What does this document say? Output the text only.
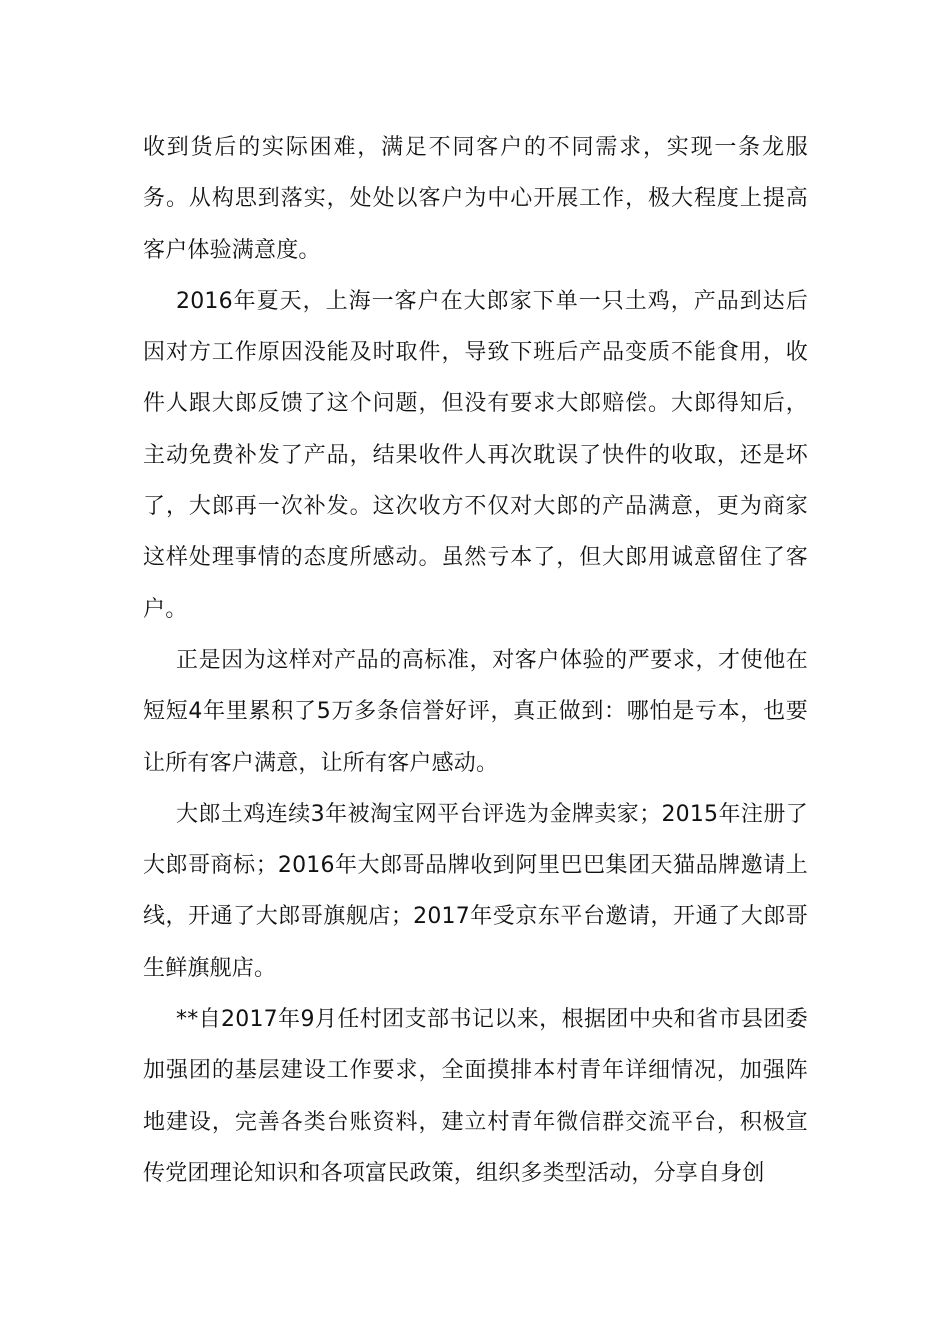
收到货后的实际困难，满足不同客户的不同需求，实现一条龙服务。从构思到落实，处处以客户为中心开展工作，极大程度上提高客户体验满意度。

2016年夏天，上海一客户在大郎家下单一只土鸡，产品到达后因对方工作原因没能及时取件，导致下班后产品变质不能食用，收件人跟大郎反馈了这个问题，但没有要求大郎赔偿。大郎得知后，主动免费补发了产品，结果收件人再次耽误了快件的收取，还是坏了，大郎再一次补发。这次收方不仅对大郎的产品满意，更为商家这样处理事情的态度所感动。虽然亏本了，但大郎用诚意留住了客户。

正是因为这样对产品的高标准，对客户体验的严要求，才使他在短短4年里累积了5万多条信誉好评，真正做到：哪怕是亏本，也要让所有客户满意，让所有客户感动。

大郎土鸡连续3年被淘宝网平台评选为金牌卖家；2015年注册了大郎哥商标；2016年大郎哥品牌收到阿里巴巴集团天猫品牌邀请上线，开通了大郎哥旗舰店；2017年受京东平台邀请，开通了大郎哥生鲜旗舰店。

**自2017年9月任村团支部书记以来，根据团中央和省市县团委加强团的基层建设工作要求，全面摸排本村青年详细情况，加强阵地建设，完善各类台账资料，建立村青年微信群交流平台，积极宣传党团理论知识和各项富民政策，组织多类型活动，分享自身创
